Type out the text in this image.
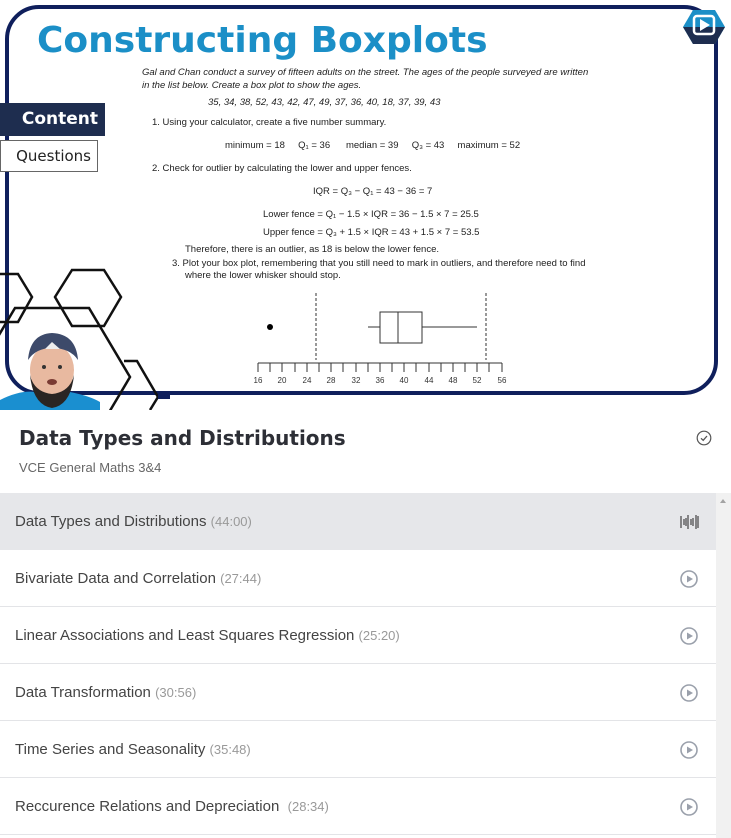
Constructing Boxplots
Content
Questions
Gal and Chan conduct a survey of fifteen adults on the street. The ages of the people surveyed are written
in the list below. Create a box plot to show the ages.
35, 34, 38, 52, 43, 42, 47, 49, 37, 36, 40, 18, 37, 39, 43
1. Using your calculator, create a five number summary.
minimum = 18     Q₁ = 36      median = 39     Q₃ = 43     maximum = 52
2. Check for outlier by calculating the lower and upper fences.
IQR = Q₃ − Q₁ = 43 − 36 = 7
Lower fence = Q₁ − 1.5 × IQR = 36 − 1.5 × 7 = 25.5
Upper fence = Q₃ + 1.5 × IQR = 43 + 1.5 × 7 = 53.5
Therefore, there is an outlier, as 18 is below the lower fence.
3. Plot your box plot, remembering that you still need to mark in outliers, and therefore need to find
where the lower whisker should stop.
16 20 24 28 32 36 40 44 48 52 56
Data Types and Distributions
VCE General Maths 3&4
Data Types and Distributions (44:00)
Bivariate Data and Correlation (27:44)
Linear Associations and Least Squares Regression (25:20)
Data Transformation (30:56)
Time Series and Seasonality (35:48)
Reccurence Relations and Depreciation  (28:34)
